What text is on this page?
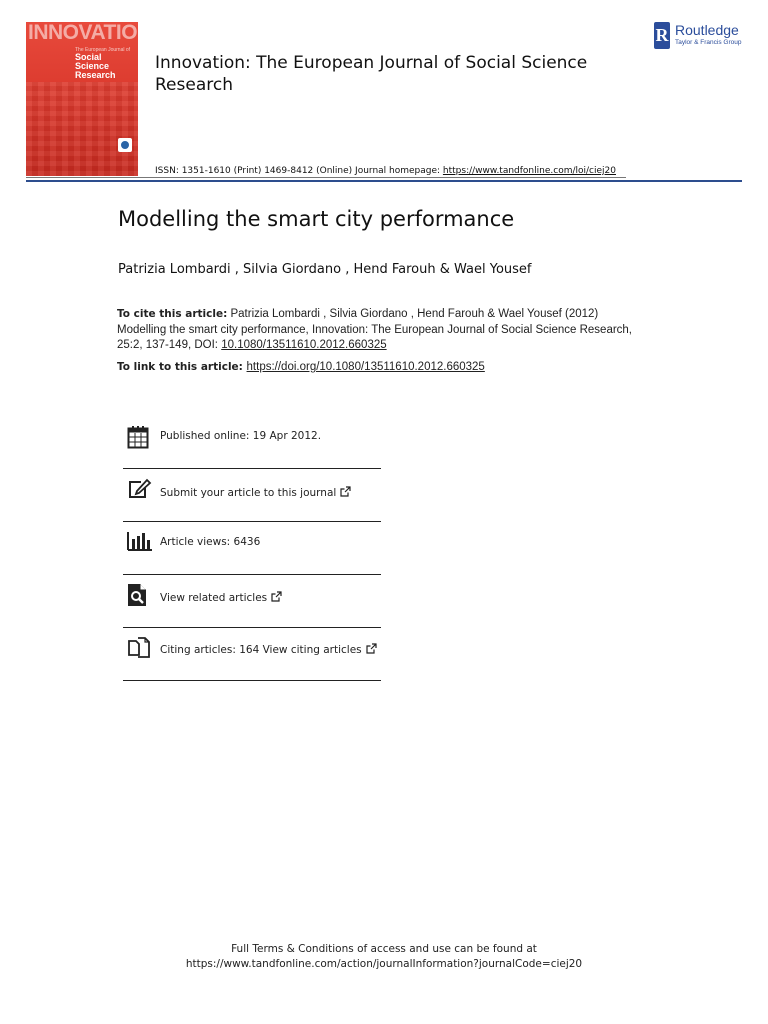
INNOVATION
The European Journal of
Social Science Research
Innovation: The European Journal of Social Science Research
R Routledge
Taylor & Francis Group
ISSN: 1351-1610 (Print) 1469-8412 (Online) Journal homepage: https://www.tandfonline.com/loi/ciej20
Modelling the smart city performance
Patrizia Lombardi , Silvia Giordano , Hend Farouh & Wael Yousef
To cite this article: Patrizia Lombardi , Silvia Giordano , Hend Farouh & Wael Yousef (2012) Modelling the smart city performance, Innovation: The European Journal of Social Science Research, 25:2, 137-149, DOI: 10.1080/13511610.2012.660325
To link to this article: https://doi.org/10.1080/13511610.2012.660325
Published online: 19 Apr 2012.
Submit your article to this journal
Article views: 6436
View related articles
Citing articles: 164 View citing articles
Full Terms & Conditions of access and use can be found at
https://www.tandfonline.com/action/journalInformation?journalCode=ciej20
